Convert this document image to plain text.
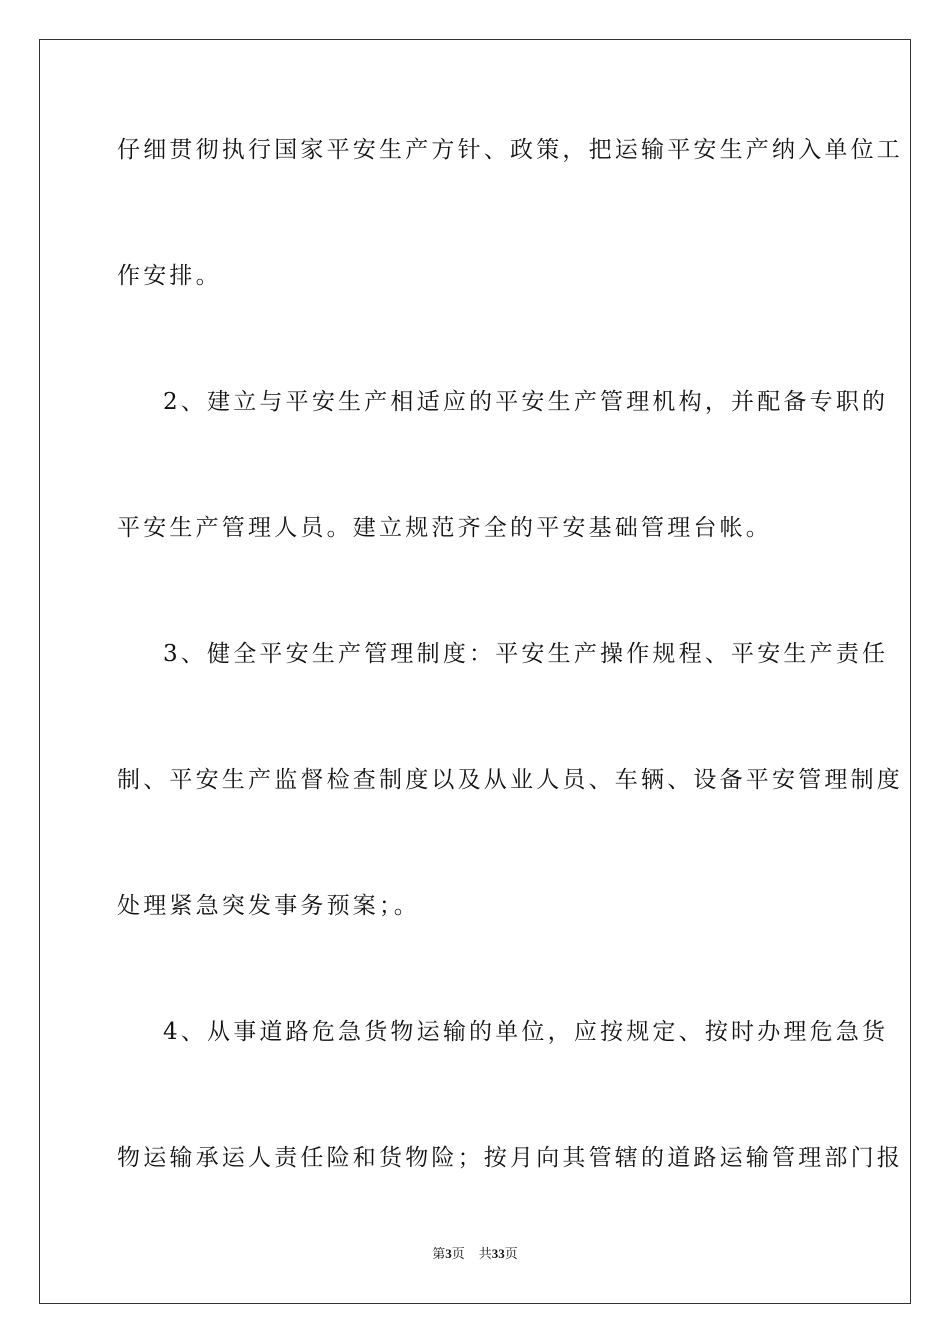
仔细贯彻执行国家平安生产方针、政策，把运输平安生产纳入单位工
作安排。
2、建立与平安生产相适应的平安生产管理机构，并配备专职的
平安生产管理人员。建立规范齐全的平安基础管理台帐。
3、健全平安生产管理制度：平安生产操作规程、平安生产责任
制、平安生产监督检查制度以及从业人员、车辆、设备平安管理制度
处理紧急突发事务预案；。
4、从事道路危急货物运输的单位，应按规定、按时办理危急货
物运输承运人责任险和货物险；按月向其管辖的道路运输管理部门报
第3页 共33页
